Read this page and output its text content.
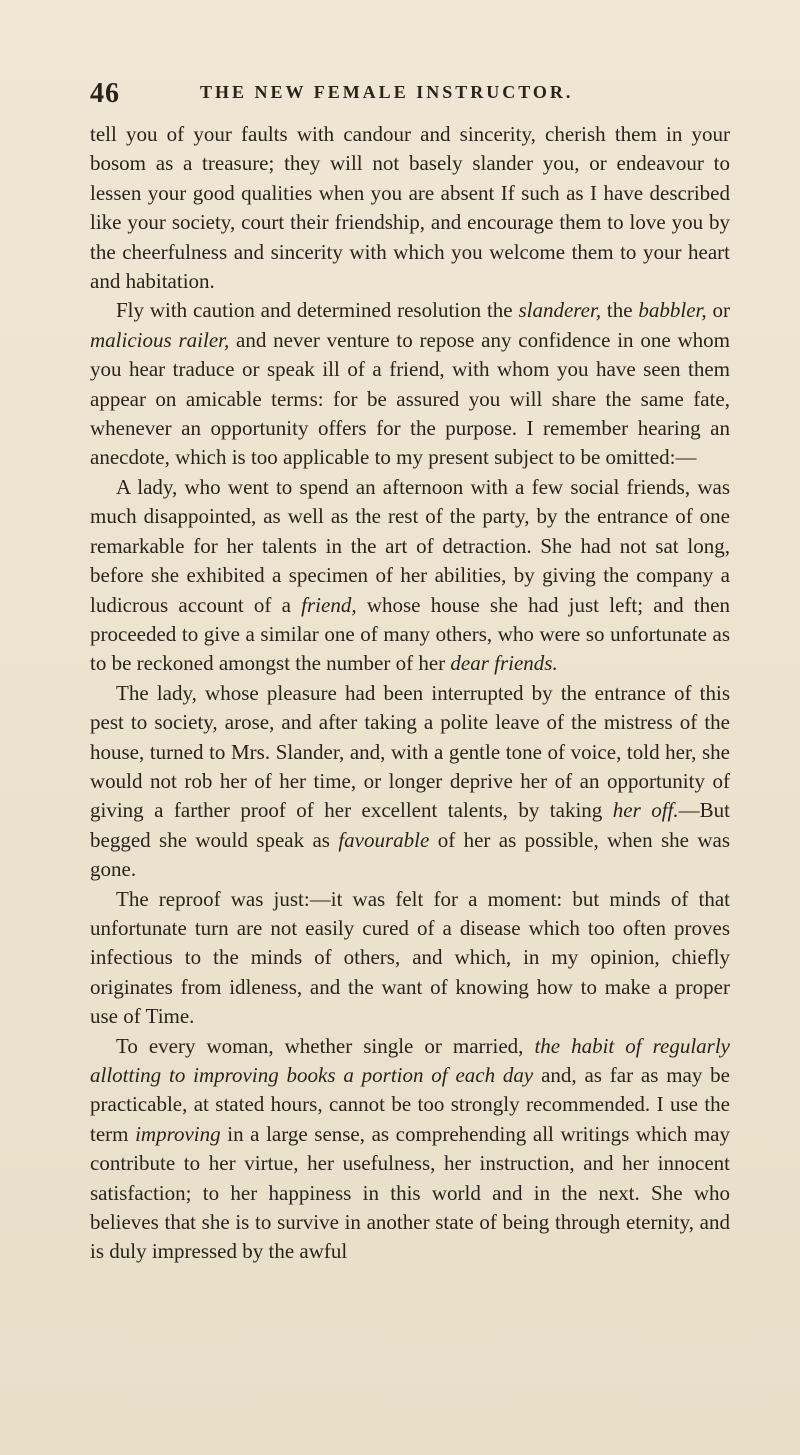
46	THE NEW FEMALE INSTRUCTOR.

tell you of your faults with candour and sincerity, cherish them in your bosom as a treasure; they will not basely slander you, or endeavour to lessen your good qualities when you are absent If such as I have described like your society, court their friendship, and encourage them to love you by the cheerfulness and sincerity with which you welcome them to your heart and habitation.

Fly with caution and determined resolution the slanderer, the babbler, or malicious railer, and never venture to repose any confidence in one whom you hear traduce or speak ill of a friend, with whom you have seen them appear on amicable terms: for be assured you will share the same fate, whenever an opportunity offers for the purpose. I remember hearing an anecdote, which is too applicable to my present subject to be omitted:—

A lady, who went to spend an afternoon with a few social friends, was much disappointed, as well as the rest of the party, by the entrance of one remarkable for her talents in the art of detraction. She had not sat long, before she exhibited a specimen of her abilities, by giving the company a ludicrous account of a friend, whose house she had just left; and then proceeded to give a similar one of many others, who were so unfortunate as to be reckoned amongst the number of her dear friends.

The lady, whose pleasure had been interrupted by the entrance of this pest to society, arose, and after taking a polite leave of the mistress of the house, turned to Mrs. Slander, and, with a gentle tone of voice, told her, she would not rob her of her time, or longer deprive her of an opportunity of giving a farther proof of her excellent talents, by taking her off.—But begged she would speak as favourable of her as possible, when she was gone.

The reproof was just:—it was felt for a moment: but minds of that unfortunate turn are not easily cured of a disease which too often proves infectious to the minds of others, and which, in my opinion, chiefly originates from idleness, and the want of knowing how to make a proper use of Time.

To every woman, whether single or married, the habit of regularly allotting to improving books a portion of each day and, as far as may be practicable, at stated hours, cannot be too strongly recommended. I use the term improving in a large sense, as comprehending all writings which may contribute to her virtue, her usefulness, her instruction, and her innocent satisfaction; to her happiness in this world and in the next. She who believes that she is to survive in another state of being through eternity, and is duly impressed by the awful
